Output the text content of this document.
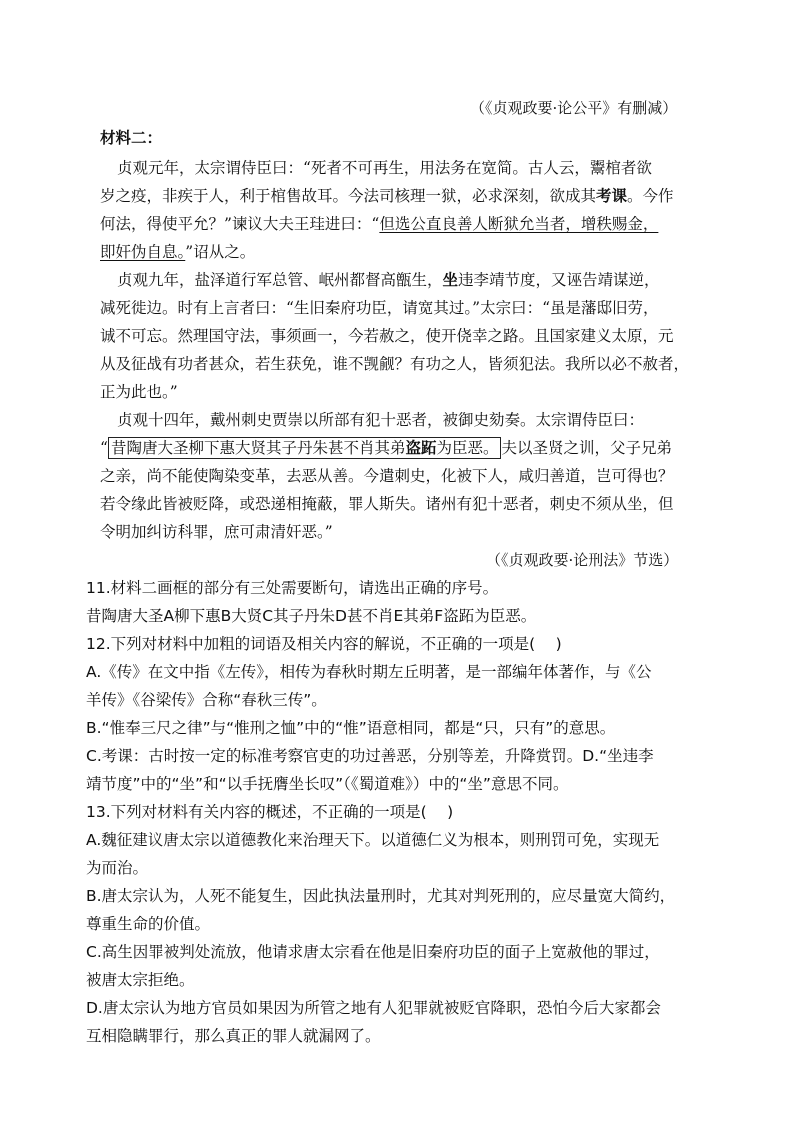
（《贞观政要·论公平》有删减）
材料二：
贞观元年，太宗谓侍臣曰：“死者不可再生，用法务在宽简。古人云，鬻棺者欲
岁之疫，非疾于人，利于棺售故耳。今法司核理一狱，必求深刻，欲成其考课。今作
何法，得使平允？”谏议大夫王珪进曰：“但选公直良善人断狱允当者，增秩赐金，
即奸伪自息。”诏从之。
贞观九年，盐泽道行军总管、岷州都督高甑生，坐违李靖节度，又诬告靖谋逆，
减死徙边。时有上言者曰：“生旧秦府功臣，请宽其过。”太宗曰：“虽是藩邸旧劳，
诚不可忘。然理国守法，事须画一，今若赦之，使开侥幸之路。且国家建义太原，元
从及征战有功者甚众，若生获免，谁不觊觎？有功之人，皆须犯法。我所以必不赦者，
正为此也。”
贞观十四年，戴州刺史贾崇以所部有犯十恶者，被御史劾奏。太宗谓侍臣曰：
“ 昔陶唐大圣柳下惠大贤其子丹朱甚不肖其弟盗跖为臣恶。 夫以圣贤之训，父子兄弟
之亲，尚不能使陶染变革，去恶从善。今遣刺史，化被下人，咸归善道，岂可得也？
若令缘此皆被贬降，或恐递相掩蔽，罪人斯失。诸州有犯十恶者，刺史不须从坐，但
令明加纠访科罪，庶可肃清奸恶。”
（《贞观政要·论刑法》节选）
11.材料二画框的部分有三处需要断句，请选出正确的序号。
昔陶唐大圣A柳下惠B大贤C其子丹朱D甚不肖E其弟F盗跖为臣恶。
12.下列对材料中加粗的词语及相关内容的解说，不正确的一项是(　 )
A.《传》在文中指《左传》，相传为春秋时期左丘明著，是一部编年体著作，与《公
羊传》《谷梁传》合称“春秋三传”。
B.“惟奉三尺之律”与“惟刑之恤”中的“惟”语意相同，都是“只，只有”的意思。
C.考课：古时按一定的标准考察官吏的功过善恶，分别等差，升降赏罚。D.“坐违李
靖节度”中的“坐”和“以手抚膺坐长叹”（《蜀道难》）中的“坐”意思不同。
13.下列对材料有关内容的概述，不正确的一项是(　 )
A.魏征建议唐太宗以道德教化来治理天下。以道德仁义为根本，则刑罚可免，实现无
为而治。
B.唐太宗认为，人死不能复生，因此执法量刑时，尤其对判死刑的，应尽量宽大简约，
尊重生命的价值。
C.高生因罪被判处流放，他请求唐太宗看在他是旧秦府功臣的面子上宽赦他的罪过，
被唐太宗拒绝。
D.唐太宗认为地方官员如果因为所管之地有人犯罪就被贬官降职，恐怕今后大家都会
互相隐瞒罪行，那么真正的罪人就漏网了。
